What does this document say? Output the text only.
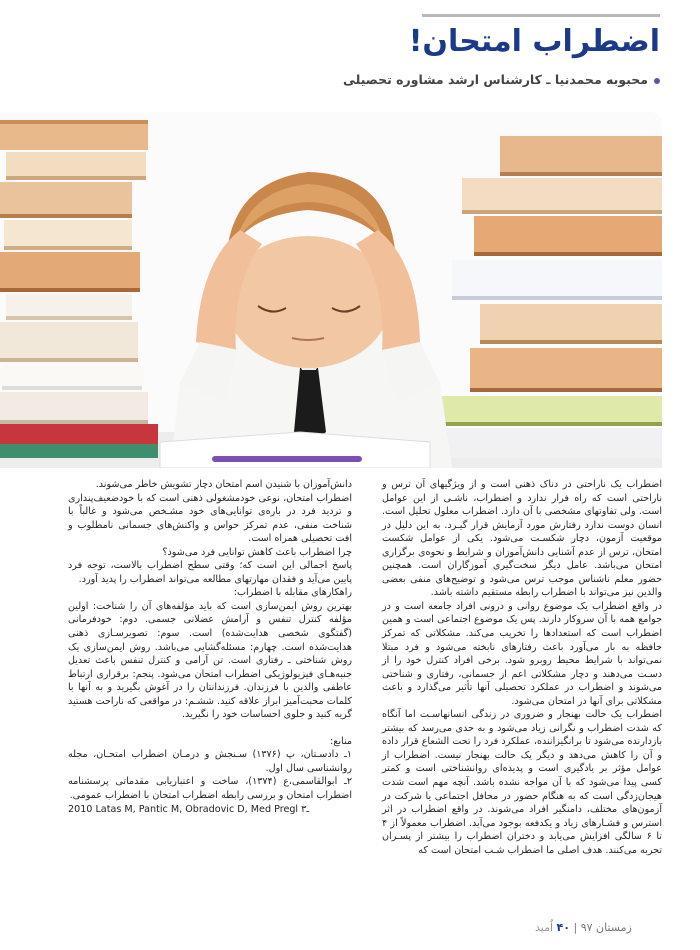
اضطراب امتحان!
محبوبه محمدنیا ـ کارشناس ارشد مشاوره تحصیلی

اضطراب یک ناراحتی در دناک ذهنی است و از ویژگیهای آن ترس و ناراحتی است که راه فرار ندارد و اضطراب، ناشـی از این عوامل است. ولی تفاوتهای مشخصی با آن دارد. اضطراب معلول تحلیل است. انسان دوست ندارد رفتارش مورد آزمایش قرار گیـرد. به این دلیل در موقعیت آزمون، دچار شکسـت می‌شود. یکی از عوامل شکست امتحان، ترس از عدم آشنایی دانش‌آموزان و شرایط و نحوه‌ی برگزاری امتحان می‌باشد. عامل دیگر سخت‌گیری آموزگاران است. همچنین حضور معلم ناشناس موجب ترس می‌شود و توضیح‌های منفی بعضی والدین نیز می‌تواند با اضطراب رابطه مستقیم داشته باشد.

در واقع اضطراب یک موضوع روانی و درونی افراد جامعه است و در جوامع همه با آن سروکار دارند. پس یک موضوع اجتماعی است و همین اضطراب است که استعدادها را تخریب می‌کند. مشکلاتی که تمرکز حافظه به بار می‌آورد باعث رفتارهای نابخته می‌شود و فرد مبتلا نمی‌تواند با شرایط محیط روبرو شود. برخی افراد کنترل خود را از دسـت می‌دهند و دچار مشکلاتی اعم از جسمانی، رفتاری و شناختی می‌شوند و اضطراب در عملکرد تحصیلی آنها تأثیر می‌گذارد و باعث مشکلاتی برای آنها در امتحان می‌شود.

اضطراب یک حالت بهنجار و ضروری در زندگی انسانهاسـت اما آنگاه که شدت اضطراب و نگرانی زیاد می‌شود و به حدی می‌رسد که بیشتر بازدارنده می‌شود تا برانگیزاننده، عملکرد فرد را تحت الشعاع قرار داده و آن را کاهش می‌دهد و دیگر یک حالت بهنجار نیست. اضطراب از عوامل مؤثر بر یادگیری است و پدیده‌ای روانشناختی است و کمتر کسی پیدا می‌شود که با آن مواجه نشده باشد. آنچه مهم است شدت هیجان‌زدگی است که به هنگام حضور در محافل اجتماعی یا شرکت در آزمون‌های مختلف، دامنگیر افراد می‌شوند. در واقع اضطراب در اثر استرس و فشـارهای زیاد و یکدفعه بوجود می‌آید. اضطراب معمولاً از ۴ تا ۶ سالگی افزایش می‌یابد و دختران اضطراب را بیشتر از پسـران تجربه می‌کنند. هدف اصلی ما اضطراب شـب امتحان است که

دانش‌آموزان با شنیدن اسم امتحان دچار تشویش خاطر می‌شوند.

اضطراب امتحان، نوعی خودمشغولی ذهنی است که با خودضعیف‌پنداری و تردید فرد در باره‌ی توانایی‌های خود مشـخص می‌شود و غالباً با شناخت منفی، عدم تمرکز حواس و واکنش‌های جسمانی نامطلوب و افت تحصیلی همراه است.

چرا اضطراب باعث کاهش توانایی فرد می‌شود؟

پاسخ اجمالی این است که؛ وقتی سطح اضطراب بالاست، توجه فرد پایین می‌آید و فقدان مهارتهای مطالعه می‌تواند اضطراب را پدید آورد.

راهکارهای مقابله با اضطراب:

بهترین روش ایمن‌سازی است که باید مؤلفه‌های آن را شناخت: اولین مؤلفه کنترل تنفس و آرامش عضلانی جسمی. دوم: خودفرمانی (گفتگوی شخصی هدایت‌شده) است. سوم: تصویرسـازی ذهنی هدایت‌شده است. چهارم: مسئله‌گشایی می‌باشد. روش ایمن‌سازی یک روش شناختی ـ رفتاری است. تن آرامی و کنترل تنفس باعث تعدیل جنبه‌هـای فیزیولوژیکی اضطراب امتحان می‌شود. پنجم: برقراری ارتباط عاطفی والدین با فرزندان. فرزندانتان را در آغوش بگیرید و به آنها با کلمات محبت‌آمیز ابراز علاقه کنید. ششـم: در مواقعی که ناراحت هستید گریه کنید و جلوی احساسات خود را نگیرید.

منابع:

۱ـ دادسـتان، پ (۱۳۷۶) سـنجش و درمـان اضطراب امتحـان، مجله روانشناسی سال اول.

۲ـ ابوالقاسمی،ع (۱۳۷۴)، ساخت و اعتباریابی مقدماتی پرسشنامه اضطراب امتحان و بررسی رابطه اضطراب امتحان با اضطراب عمومی.

2010 Latas M, Pantic M, Obradovic D, Med Pregl ـ۳
زمستان ۹۷ | ۴۰ اُمید
